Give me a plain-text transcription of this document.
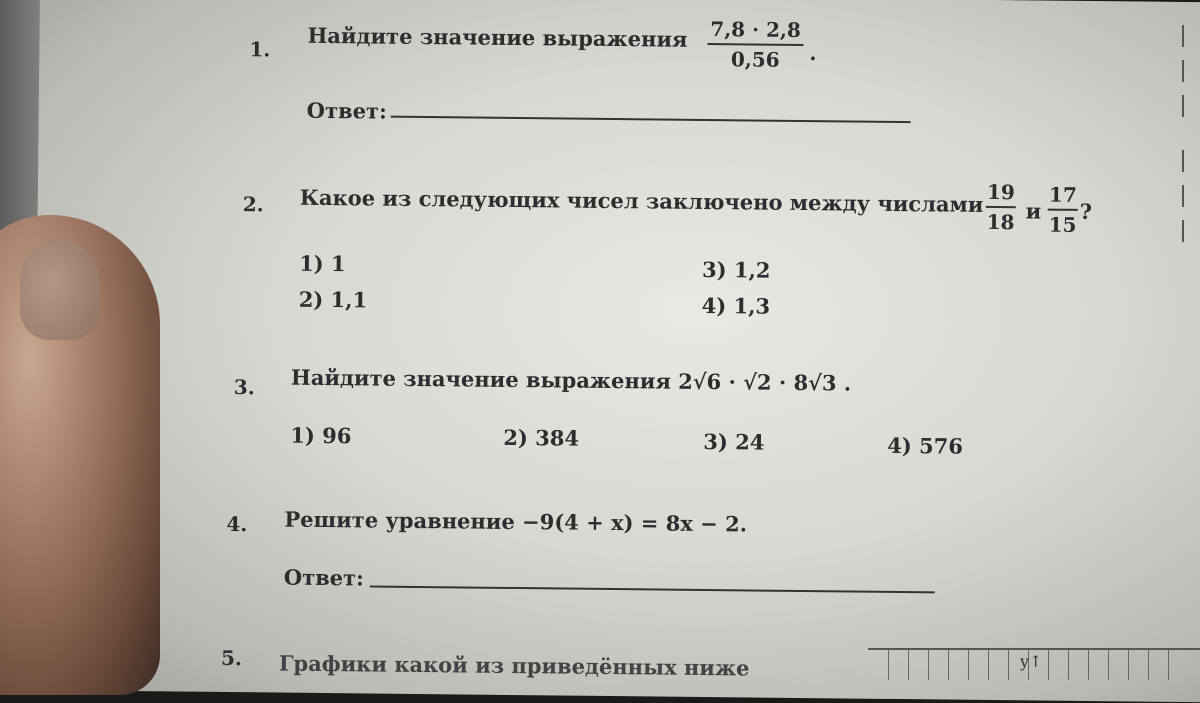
1. Найдите значение выражения 7,8 · 2,8
0,56	.
Ответ:
2. Какое из следующих чисел заключено между числами 19
18 и
17
15
?
1) 1
2) 1,1
3) 1,2
4) 1,3
3. Найдите значение выражения 2√6 · √2 · 8√3 .
1) 96	2) 384	3) 24	4) 576
4. Решите уравнение −9(4 + x) = 8x − 2.
Ответ:
5. Графики какой из приведённых ниже	y↑
